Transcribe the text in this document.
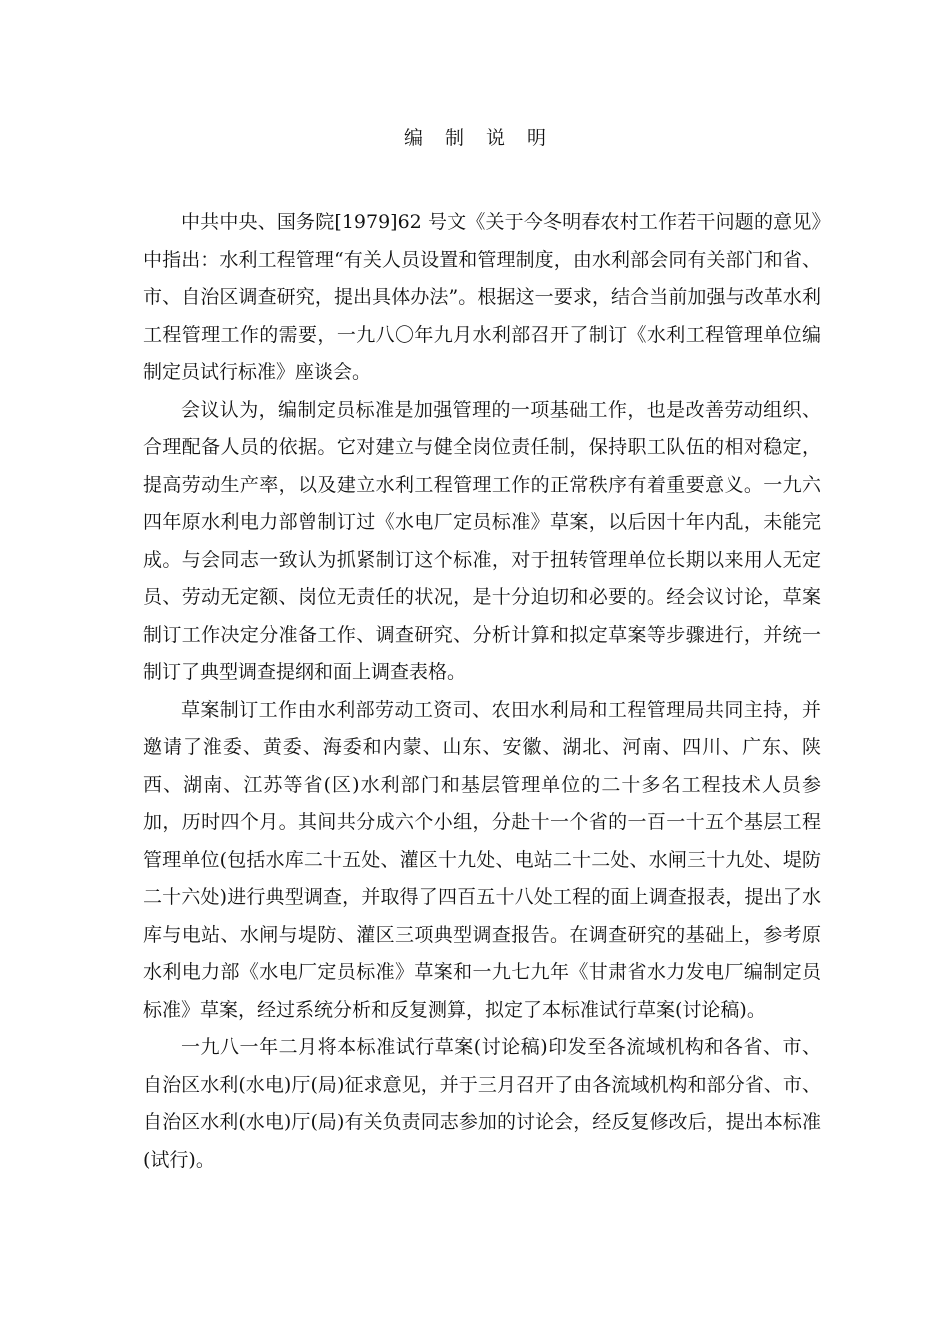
编制说明

中共中央、国务院[1979]62 号文《关于今冬明春农村工作若干问题的意见》中指出：水利工程管理“有关人员设置和管理制度，由水利部会同有关部门和省、市、自治区调查研究，提出具体办法”。根据这一要求，结合当前加强与改革水利工程管理工作的需要，一九八〇年九月水利部召开了制订《水利工程管理单位编制定员试行标准》座谈会。

会议认为，编制定员标准是加强管理的一项基础工作，也是改善劳动组织、合理配备人员的依据。它对建立与健全岗位责任制，保持职工队伍的相对稳定，提高劳动生产率，以及建立水利工程管理工作的正常秩序有着重要意义。一九六四年原水利电力部曾制订过《水电厂定员标准》草案，以后因十年内乱，未能完成。与会同志一致认为抓紧制订这个标准，对于扭转管理单位长期以来用人无定员、劳动无定额、岗位无责任的状况，是十分迫切和必要的。经会议讨论，草案制订工作决定分准备工作、调查研究、分析计算和拟定草案等步骤进行，并统一制订了典型调查提纲和面上调查表格。

草案制订工作由水利部劳动工资司、农田水利局和工程管理局共同主持，并邀请了淮委、黄委、海委和内蒙、山东、安徽、湖北、河南、四川、广东、陕西、湖南、江苏等省(区)水利部门和基层管理单位的二十多名工程技术人员参加，历时四个月。其间共分成六个小组，分赴十一个省的一百一十五个基层工程管理单位(包括水库二十五处、灌区十九处、电站二十二处、水闸三十九处、堤防二十六处)进行典型调查，并取得了四百五十八处工程的面上调查报表，提出了水库与电站、水闸与堤防、灌区三项典型调查报告。在调查研究的基础上，参考原水利电力部《水电厂定员标准》草案和一九七九年《甘肃省水力发电厂编制定员标准》草案，经过系统分析和反复测算，拟定了本标准试行草案(讨论稿)。

一九八一年二月将本标准试行草案(讨论稿)印发至各流域机构和各省、市、自治区水利(水电)厅(局)征求意见，并于三月召开了由各流域机构和部分省、市、自治区水利(水电)厅(局)有关负责同志参加的讨论会，经反复修改后，提出本标准(试行)。
